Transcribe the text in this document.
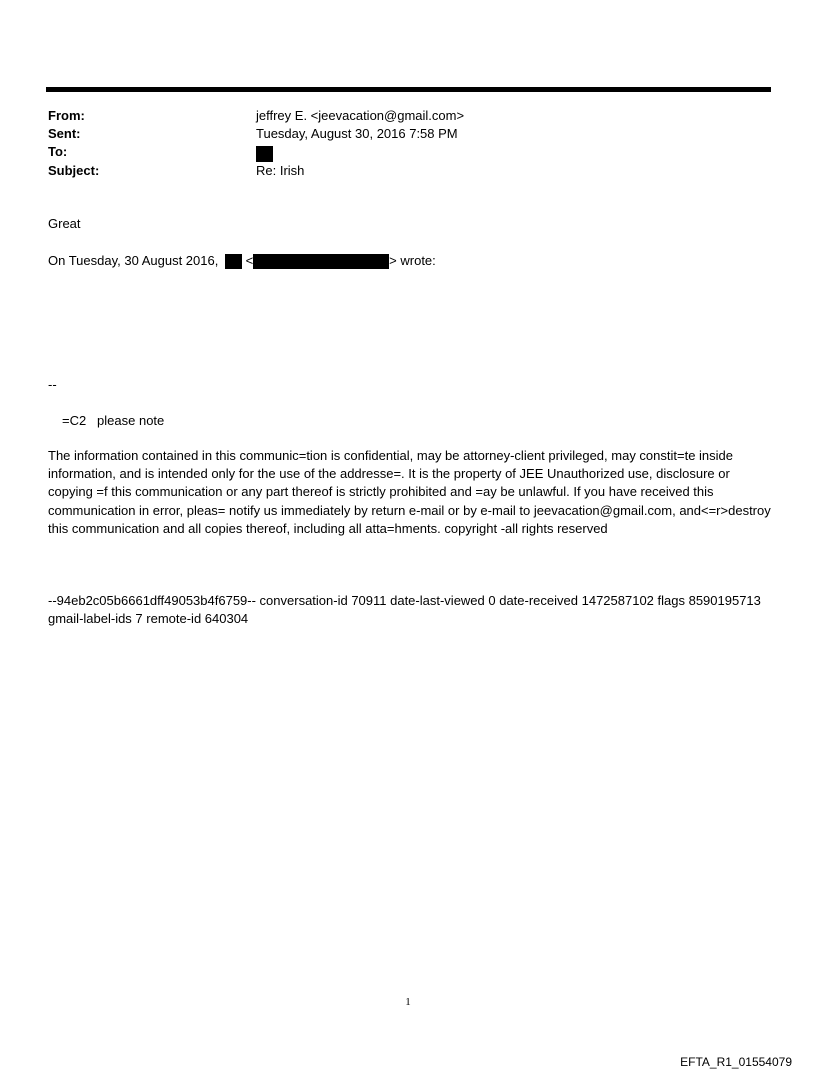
From:	jeffrey E. <jeevacation@gmail.com>
Sent:	Tuesday, August 30, 2016 7:58 PM
To:
Subject:	Re: Irish
Great
On Tuesday, 30 August 2016, <	> wrote:
--
=C2   please note
The information contained in this communic=tion is confidential, may be attorney-client privileged, may constit=te inside information, and is intended only for the use of the addresse=. It is the property of JEE Unauthorized use, disclosure or copying =f this communication or any part thereof is strictly prohibited and =ay be unlawful. If you have received this communication in error, pleas= notify us immediately by return e-mail or by e-mail to jeevacation@gmail.com, and<=r>destroy this communication and all copies thereof, including all atta=hments. copyright -all rights reserved
--94eb2c05b6661dff49053b4f6759-- conversation-id 70911 date-last-viewed 0 date-received 1472587102 flags 8590195713 gmail-label-ids 7 remote-id 640304
1
EFTA_R1_01554079
